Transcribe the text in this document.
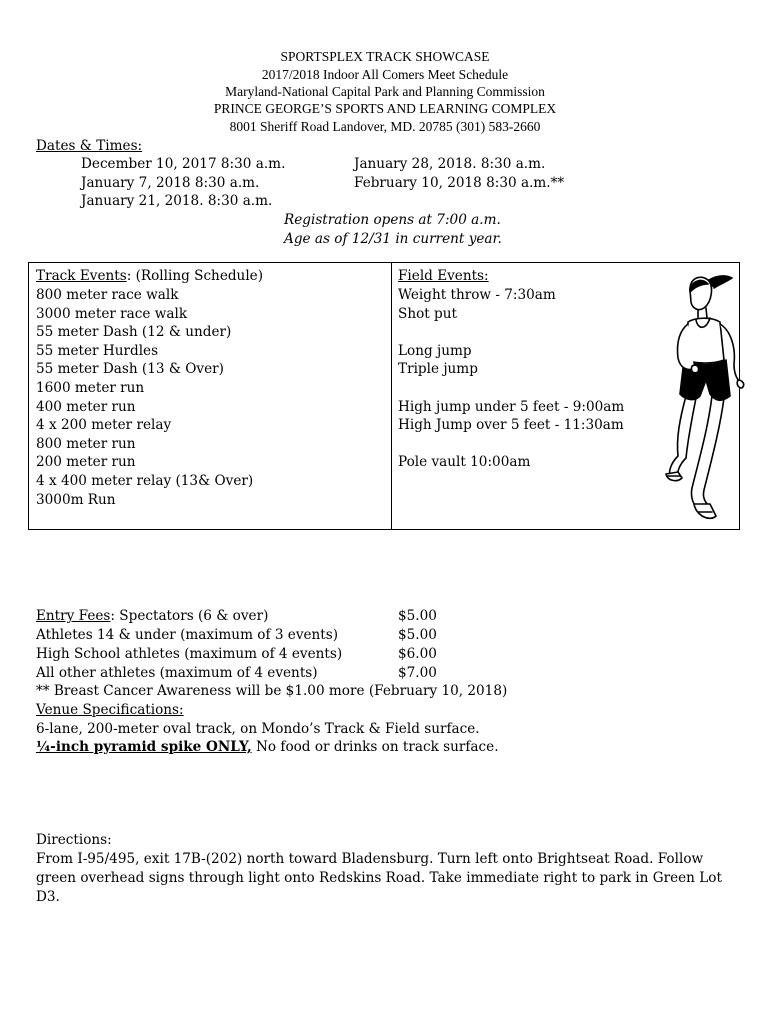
SPORTSPLEX TRACK SHOWCASE
2017/2018 Indoor All Comers Meet Schedule
Maryland-National Capital Park and Planning Commission
PRINCE GEORGE’S SPORTS AND LEARNING COMPLEX
8001 Sheriff Road Landover, MD. 20785 (301) 583-2660
Dates & Times:
December 10, 2017 8:30 a.m.
January 7, 2018 8:30 a.m.
January 21, 2018. 8:30 a.m.
January 28, 2018. 8:30 a.m.
February 10, 2018 8:30 a.m.**
Registration opens at 7:00 a.m.
Age as of 12/31 in current year.
Track Events: (Rolling Schedule)
800 meter race walk
3000 meter race walk
55 meter Dash (12 & under)
55 meter Hurdles
55 meter Dash (13 & Over)
1600 meter run
400 meter run
4 x 200 meter relay
800 meter run
200 meter run
4 x 400 meter relay (13& Over)
3000m Run
Field Events:
Weight throw - 7:30am
Shot put
Long jump
Triple jump
High jump under 5 feet - 9:00am
High Jump over 5 feet - 11:30am
Pole vault 10:00am
Entry Fees: Spectators (6 & over)	$5.00
Athletes 14 & under (maximum of 3 events)	$5.00
High School athletes (maximum of 4 events)	$6.00
All other athletes (maximum of 4 events)	$7.00
** Breast Cancer Awareness will be $1.00 more (February 10, 2018)
Venue Specifications:
6-lane, 200-meter oval track, on Mondo’s Track & Field surface.
¼-inch pyramid spike ONLY, No food or drinks on track surface.
Directions:
From I-95/495, exit 17B-(202) north toward Bladensburg. Turn left onto Brightseat Road. Follow green overhead signs through light onto Redskins Road. Take immediate right to park in Green Lot D3.
